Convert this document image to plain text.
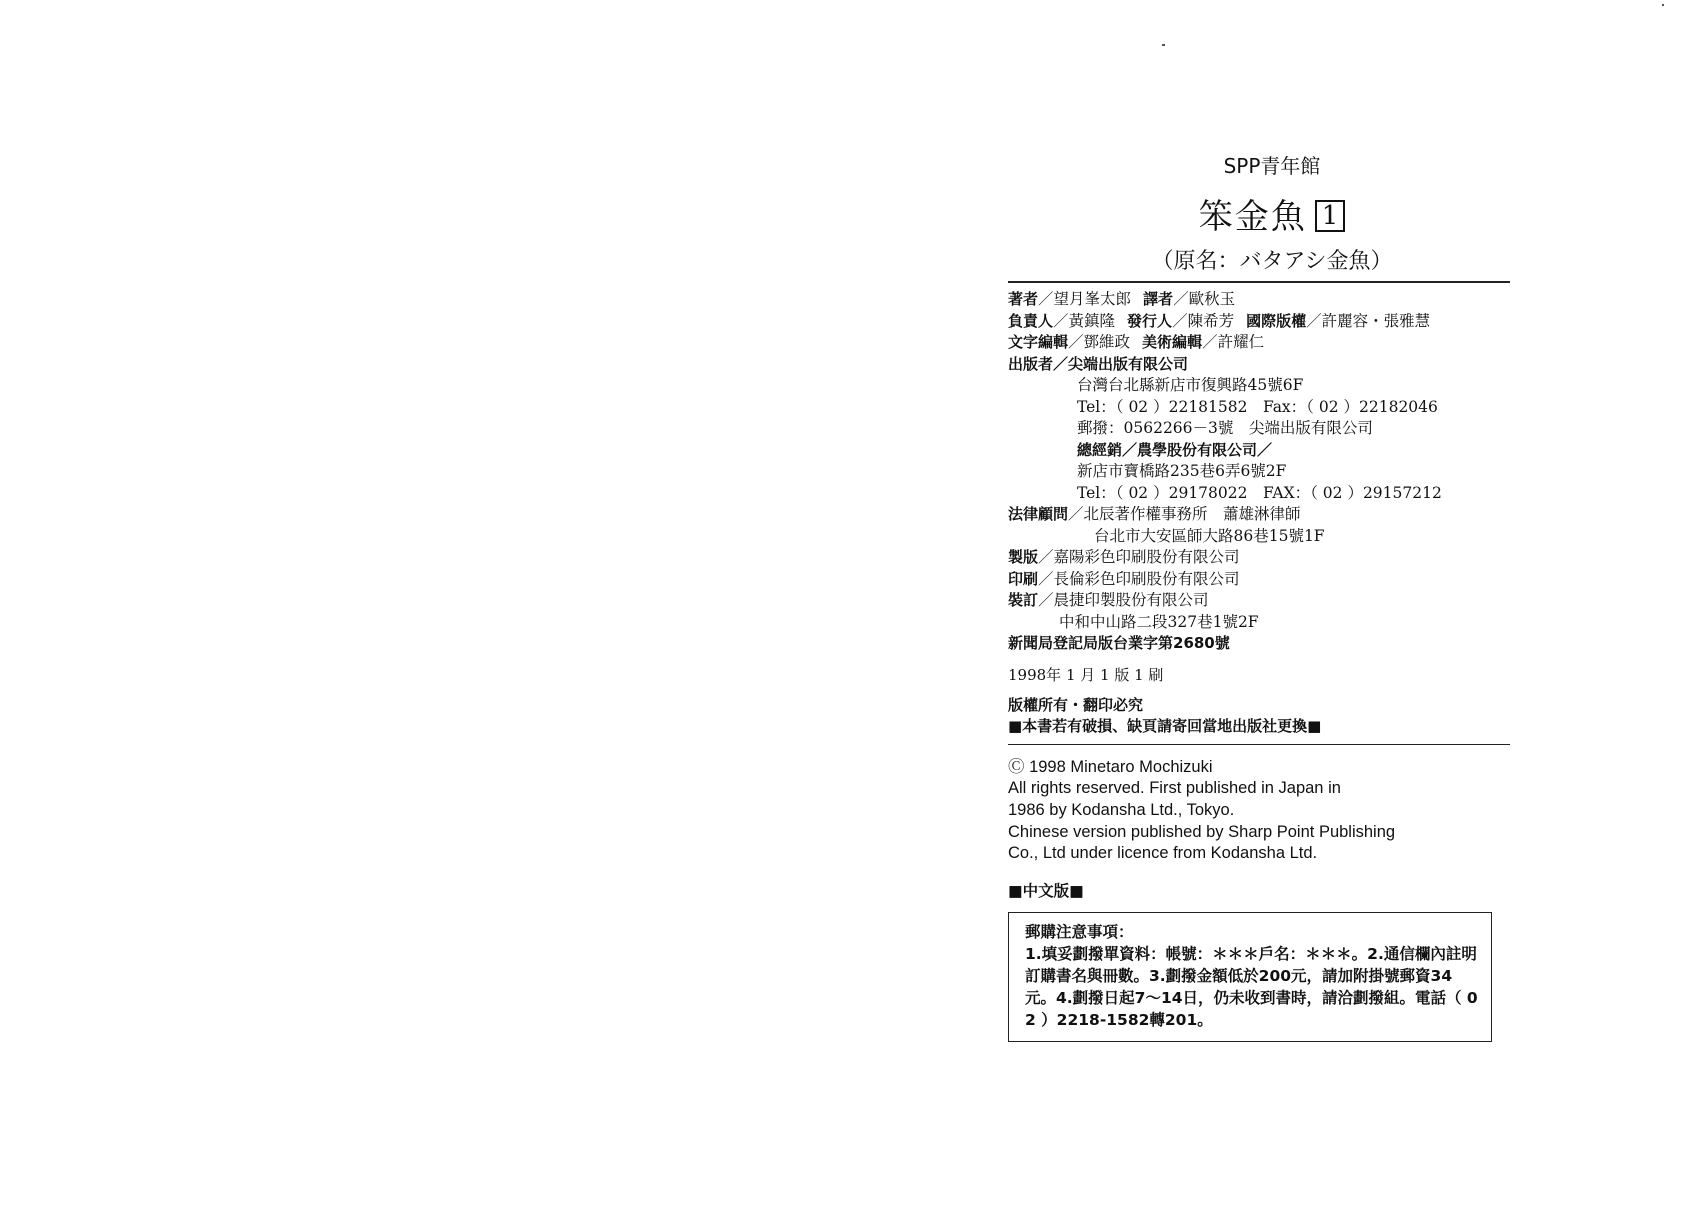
SPP青年館
笨金魚 1
（原名：バタアシ金魚）
著者／望月峯太郎 譯者／歐秋玉
負責人／黃鎮隆 發行人／陳希芳 國際版權／許麗容・張雅慧
文字編輯／鄧維政 美術編輯／許耀仁
出版者／尖端出版有限公司
台灣台北縣新店市復興路45號6F
Tel：（ 02 ）22181582　Fax：（ 02 ）22182046
郵撥：0562266－3號　尖端出版有限公司
總經銷／農學股份有限公司／
新店市寶橋路235巷6弄6號2F
Tel：（ 02 ）29178022　FAX：（ 02 ）29157212
法律顧問／北辰著作權事務所　蕭雄淋律師
台北市大安區師大路86巷15號1F
製版／嘉陽彩色印刷股份有限公司
印刷／長倫彩色印刷股份有限公司
裝訂／晨捷印製股份有限公司
中和中山路二段327巷1號2F
新聞局登記局版台業字第2680號
1998年 1 月 1 版 1 刷
版權所有・翻印必究
■本書若有破損、缺頁請寄回當地出版社更換■
Ⓒ 1998 Minetaro Mochizuki
All rights reserved. First published in Japan in
1986 by Kodansha Ltd., Tokyo.
Chinese version published by Sharp Point Publishing
Co., Ltd under licence from Kodansha Ltd.
■中文版■
郵購注意事項：
1.填妥劃撥單資料：帳號：＊＊＊戶名：＊＊＊。2.通信欄內註明訂購書名與冊數。3.劃撥金額低於200元，請加附掛號郵資34元。4.劃撥日起7～14日，仍未收到書時，請洽劃撥組。電話（ 02 ）2218-1582轉201。
